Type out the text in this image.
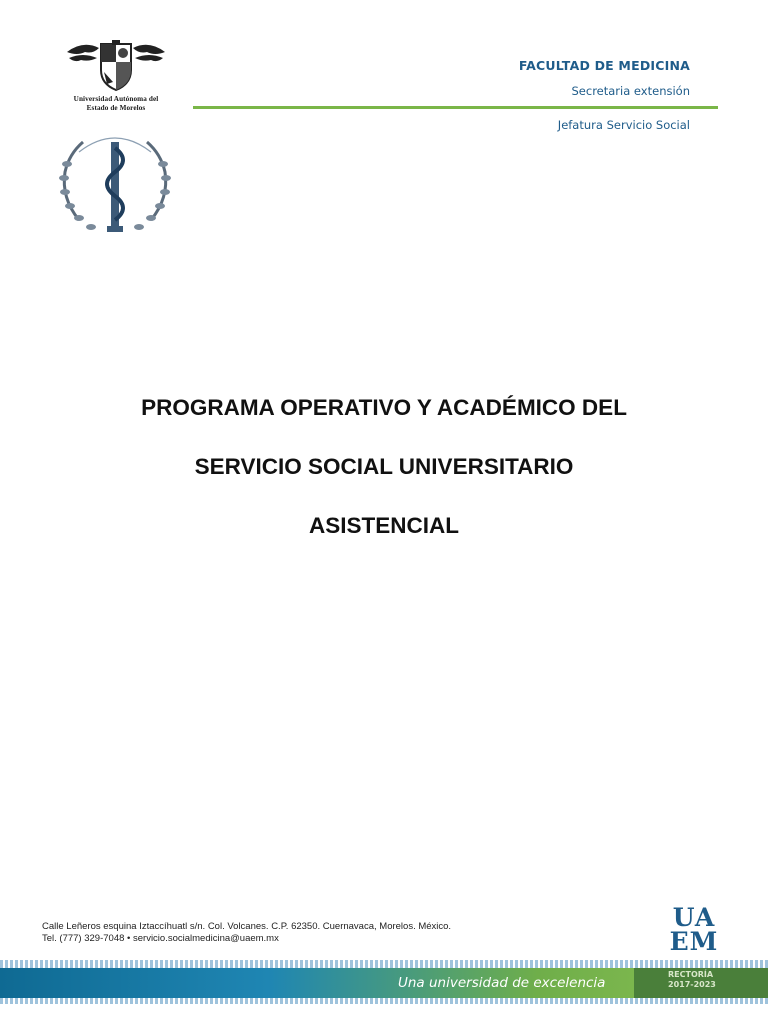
Universidad Autónoma del
Estado de Morelos
FACULTAD DE MEDICINA
Secretaria extensión
Jefatura Servicio Social
PROGRAMA OPERATIVO Y ACADÉMICO DEL
SERVICIO SOCIAL UNIVERSITARIO
ASISTENCIAL
Calle Leñeros esquina Iztaccíhuatl s/n. Col. Volcanes. C.P. 62350. Cuernavaca, Morelos. México.
Tel. (777) 329-7048 • servicio.socialmedicina@uaem.mx
UA
EM
Una universidad de excelencia
RECTORÍA
2017-2023
